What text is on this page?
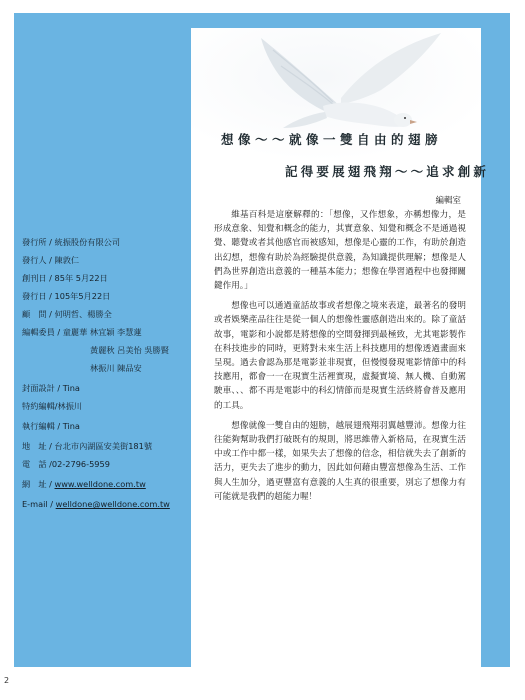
想像～～就像一雙自由的翅膀
記得要展翅飛翔～～追求創新
編輯室

維基百科是這麼解釋的：「想像，又作想象，亦稱想像力，是形成意象、知覺和概念的能力，其實意象、知覺和概念不是通過視覺、聽覺或者其他感官而被感知，想像是心靈的工作，有助於創造出幻想，想像有助於為經驗提供意義，為知識提供理解；想像是人們為世界創造出意義的一種基本能力；想像在學習過程中也發揮關鍵作用。」

想像也可以通過童話故事或者想像之境來表達，最著名的發明或者娛樂產品往往是從一個人的想像性靈感創造出來的。除了童話故事，電影和小說都是將想像的空間發揮到最極致，尤其電影製作在科技進步的同時，更將對未來生活上科技應用的想像透過畫面來呈現。過去會認為那是電影並非現實，但慢慢發現電影情節中的科技應用，都會一一在現實生活裡實現，虛擬實境、無人機、自動駕駛車、、、都不再是電影中的科幻情節而是現實生活終將會普及應用的工具。

想像就像一雙自由的翅膀，越展翅飛翔羽翼越豐沛。想像力往往能夠幫助我們打破既有的規則，將思維帶入新格局，在現實生活中或工作中都一樣，如果失去了想像的信念，相信就失去了創新的活力，更失去了進步的動力，因此如何藉由豐富想像為生活、工作與人生加分，過更豐富有意義的人生真的很重要，別忘了想像力有可能就是我們的超能力喔！

發行所 / 統振股份有限公司
發行人 / 陳敦仁
創刊日 / 85年 5月22日
發行日 / 105年5月22日
顧　問 / 何明哲、楊勝全
編輯委員 / 童麗華 林宜穎 李慧蓮
黃麗秋 呂美怡 吳勝賢
林振川 陳品安
封面設計 / Tina
特約編輯/林振川
執行編輯 / Tina
地　址 / 台北市內湖區安美街181號
電　話 /02-2796-5959
網　址 / www.welldone.com.tw
E-mail / welldone@welldone.com.tw
2
